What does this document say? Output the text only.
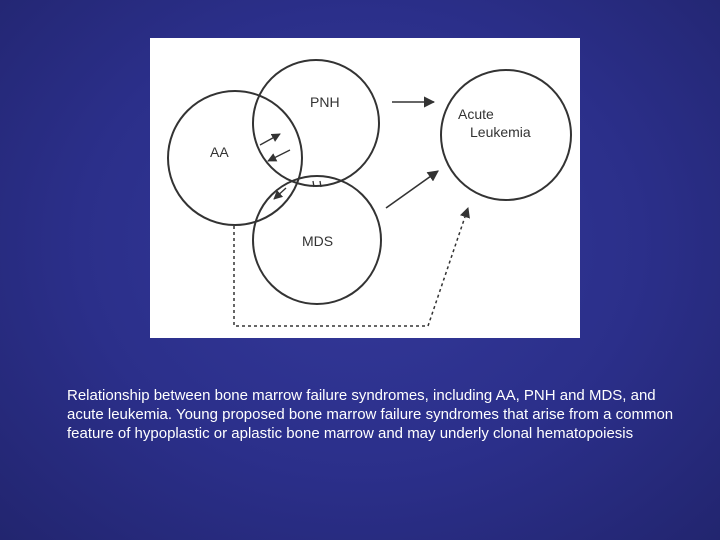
AA
PNH
MDS
Acute
Leukemia
Relationship between bone marrow failure syndromes, including AA, PNH and MDS, and acute leukemia. Young proposed bone marrow failure syndromes that arise from a common feature of hypoplastic or aplastic bone marrow and may underly clonal hematopoiesis
